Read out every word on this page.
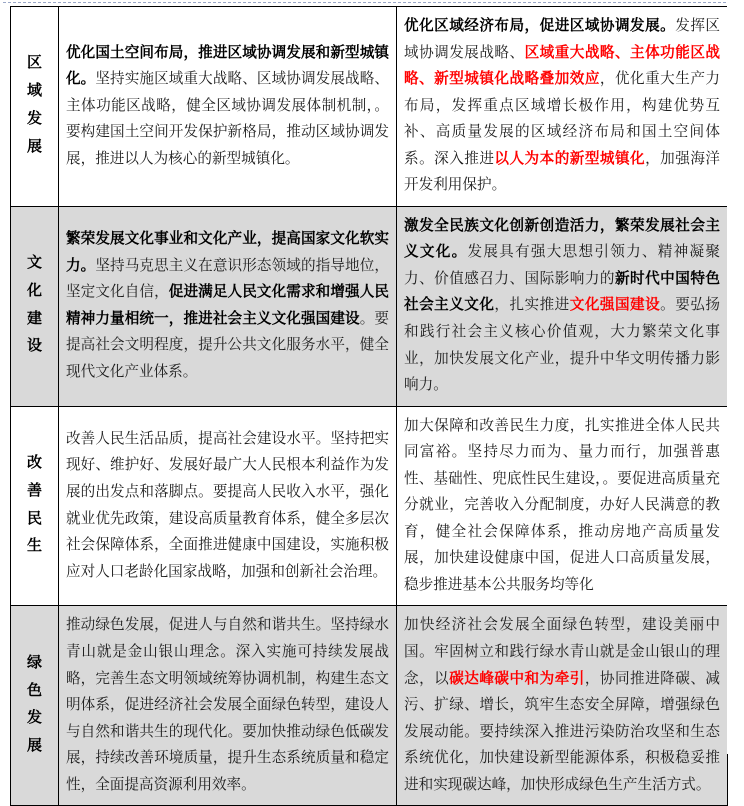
区
域
发
展	优化国土空间布局，推进区域协调发展和新型城镇化。坚持实施区域重大战略、区域协调发展战略、主体功能区战略，健全区域协调发展体制机制，。要构建国土空间开发保护新格局，推动区域协调发展，推进以人为核心的新型城镇化。	优化区域经济布局，促进区域协调发展。发挥区域协调发展战略、区域重大战略、主体功能区战略、新型城镇化战略叠加效应，优化重大生产力布局，发挥重点区域增长极作用，构建优势互补、高质量发展的区域经济布局和国土空间体系。深入推进以人为本的新型城镇化，加强海洋开发利用保护。

文
化
建
设	繁荣发展文化事业和文化产业，提高国家文化软实力。坚持马克思主义在意识形态领域的指导地位，坚定文化自信，促进满足人民文化需求和增强人民精神力量相统一，推进社会主义文化强国建设。要提高社会文明程度，提升公共文化服务水平，健全现代文化产业体系。	激发全民族文化创新创造活力，繁荣发展社会主义文化。发展具有强大思想引领力、精神凝聚力、价值感召力、国际影响力的新时代中国特色社会主义文化，扎实推进文化强国建设。要弘扬和践行社会主义核心价值观，大力繁荣文化事业，加快发展文化产业，提升中华文明传播力影响力。

改
善
民
生	改善人民生活品质，提高社会建设水平。坚持把实现好、维护好、发展好最广大人民根本利益作为发展的出发点和落脚点。要提高人民收入水平，强化就业优先政策，建设高质量教育体系，健全多层次社会保障体系，全面推进健康中国建设，实施积极应对人口老龄化国家战略，加强和创新社会治理。	加大保障和改善民生力度，扎实推进全体人民共同富裕。坚持尽力而为、量力而行，加强普惠性、基础性、兜底性民生建设，。要促进高质量充分就业，完善收入分配制度，办好人民满意的教育，健全社会保障体系，推动房地产高质量发展，加快建设健康中国，促进人口高质量发展，稳步推进基本公共服务均等化

绿
色
发
展	推动绿色发展，促进人与自然和谐共生。坚持绿水青山就是金山银山理念。深入实施可持续发展战略，完善生态文明领域统筹协调机制，构建生态文明体系，促进经济社会发展全面绿色转型，建设人与自然和谐共生的现代化。要加快推动绿色低碳发展，持续改善环境质量，提升生态系统质量和稳定性，全面提高资源利用效率。	加快经济社会发展全面绿色转型，建设美丽中国。牢固树立和践行绿水青山就是金山银山的理念，以碳达峰碳中和为牵引，协同推进降碳、减污、扩绿、增长，筑牢生态安全屏障，增强绿色发展动能。要持续深入推进污染防治攻坚和生态系统优化，加快建设新型能源体系，积极稳妥推进和实现碳达峰，加快形成绿色生产生活方式。
